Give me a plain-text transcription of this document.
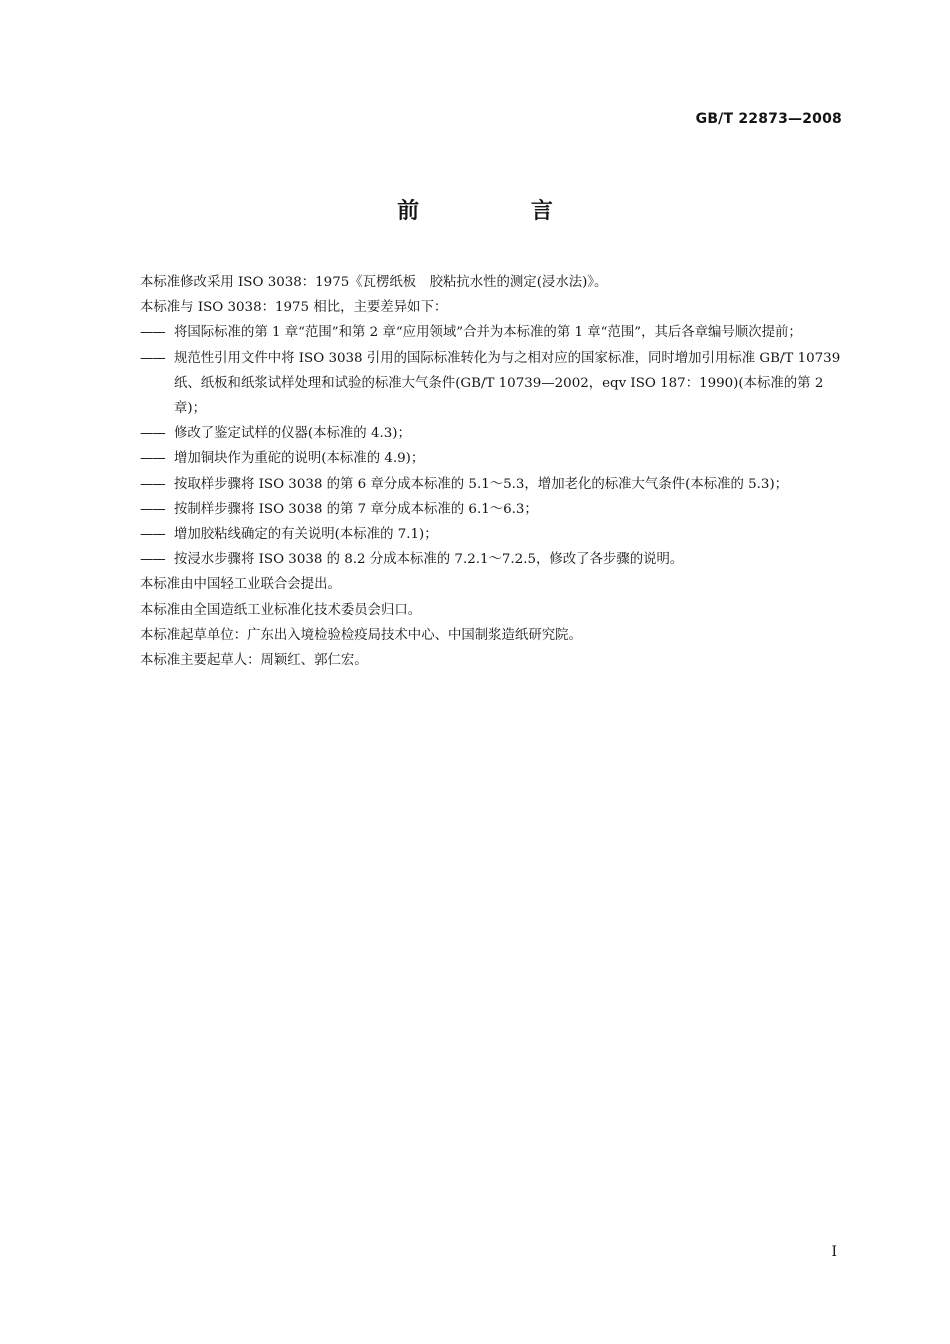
GB/T 22873—2008
前 言

本标准修改采用 ISO 3038：1975《瓦楞纸板　胶粘抗水性的测定(浸水法)》。

本标准与 ISO 3038：1975 相比，主要差异如下：

—— 将国际标准的第 1 章“范围”和第 2 章“应用领域”合并为本标准的第 1 章“范围”，其后各章编号顺次提前；

—— 规范性引用文件中将 ISO 3038 引用的国际标准转化为与之相对应的国家标准，同时增加引用标准 GB/T 10739 纸、纸板和纸浆试样处理和试验的标准大气条件(GB/T 10739—2002，eqv ISO 187：1990)(本标准的第 2 章)；

—— 修改了鉴定试样的仪器(本标准的 4.3)；

—— 增加铜块作为重砣的说明(本标准的 4.9)；

—— 按取样步骤将 ISO 3038 的第 6 章分成本标准的 5.1～5.3，增加老化的标准大气条件(本标准的 5.3)；

—— 按制样步骤将 ISO 3038 的第 7 章分成本标准的 6.1～6.3；

—— 增加胶粘线确定的有关说明(本标准的 7.1)；

—— 按浸水步骤将 ISO 3038 的 8.2 分成本标准的 7.2.1～7.2.5，修改了各步骤的说明。

本标准由中国轻工业联合会提出。

本标准由全国造纸工业标准化技术委员会归口。

本标准起草单位：广东出入境检验检疫局技术中心、中国制浆造纸研究院。

本标准主要起草人：周颖红、郭仁宏。

I
